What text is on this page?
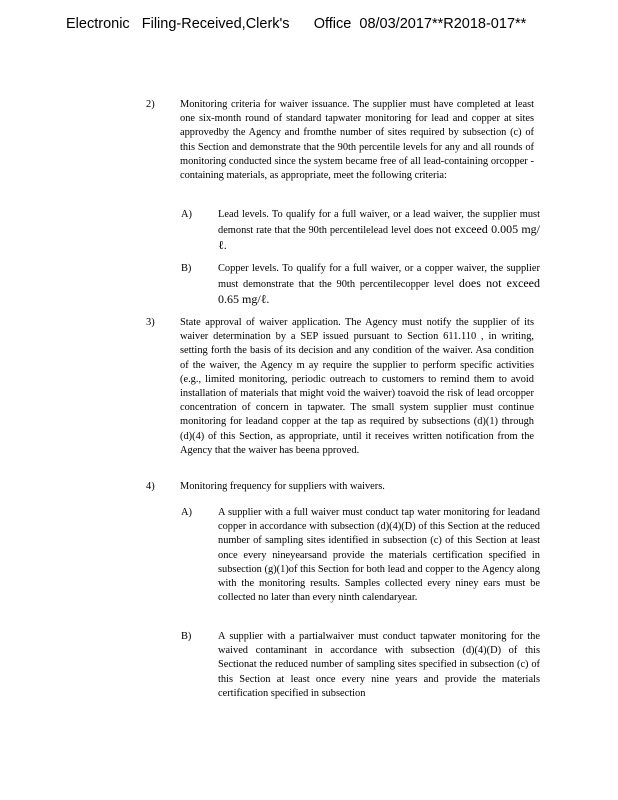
Electronic   Filing-Received,Clerk's      Office  08/03/2017**R2018-017**
2) Monitoring criteria for waiver issuance. The supplier must have completed at least one six-month round of standard tapwater monitoring for lead and copper at sites approvedby the Agency and fromthe number of sites required by subsection (c) of this Section and demonstrate that the 90th percentile levels for any and all rounds of monitoring conducted since the system became free of all lead-containing orcopper -containing materials, as appropriate, meet the following criteria:
A)	Lead levels. To qualify for a full waiver, or a lead waiver, the supplier must demonst rate that the 90th percentilelead level does not exceed 0.005 mg/ℓ.
B)	Copper levels. To qualify for a full waiver, or a copper waiver, the supplier must demonstrate that the 90th percentilecopper level does not exceed 0.65 mg/ℓ.
3) State approval of waiver application. The Agency must notify the supplier of its waiver determination by a SEP issued pursuant to Section 611.110 , in writing, setting forth the basis of its decision and any condition of the waiver. Asa condition of the waiver, the Agency m ay require the supplier to perform specific activities (e.g., limited monitoring, periodic outreach to customers to remind them to avoid installation of materials that might void the waiver) toavoid the risk of lead orcopper concentration of concern in tapwater. The small system supplier must continue monitoring for leadand copper at the tap as required by subsections (d)(1) through (d)(4) of this Section, as appropriate, until it receives written notification from the Agency that the waiver has beena pproved.
4) Monitoring frequency for suppliers with waivers.
A)	A supplier with a full waiver must conduct tap water monitoring for leadand copper in accordance with subsection (d)(4)(D) of this Section at the reduced number of sampling sites identified in subsection (c) of this Section at least once every nineyearsand provide the materials certification specified in subsection (g)(1)of this Section for both lead and copper to the Agency along with the monitoring results. Samples collected every niney ears must be collected no later than every ninth calendaryear.
B)	A supplier with a partialwaiver must conduct tapwater monitoring for the waived contaminant in accordance with subsection (d)(4)(D) of this Sectionat the reduced number of sampling sites specified in subsection (c) of this Section at least once every nine years and provide the materials certification specified in subsection
